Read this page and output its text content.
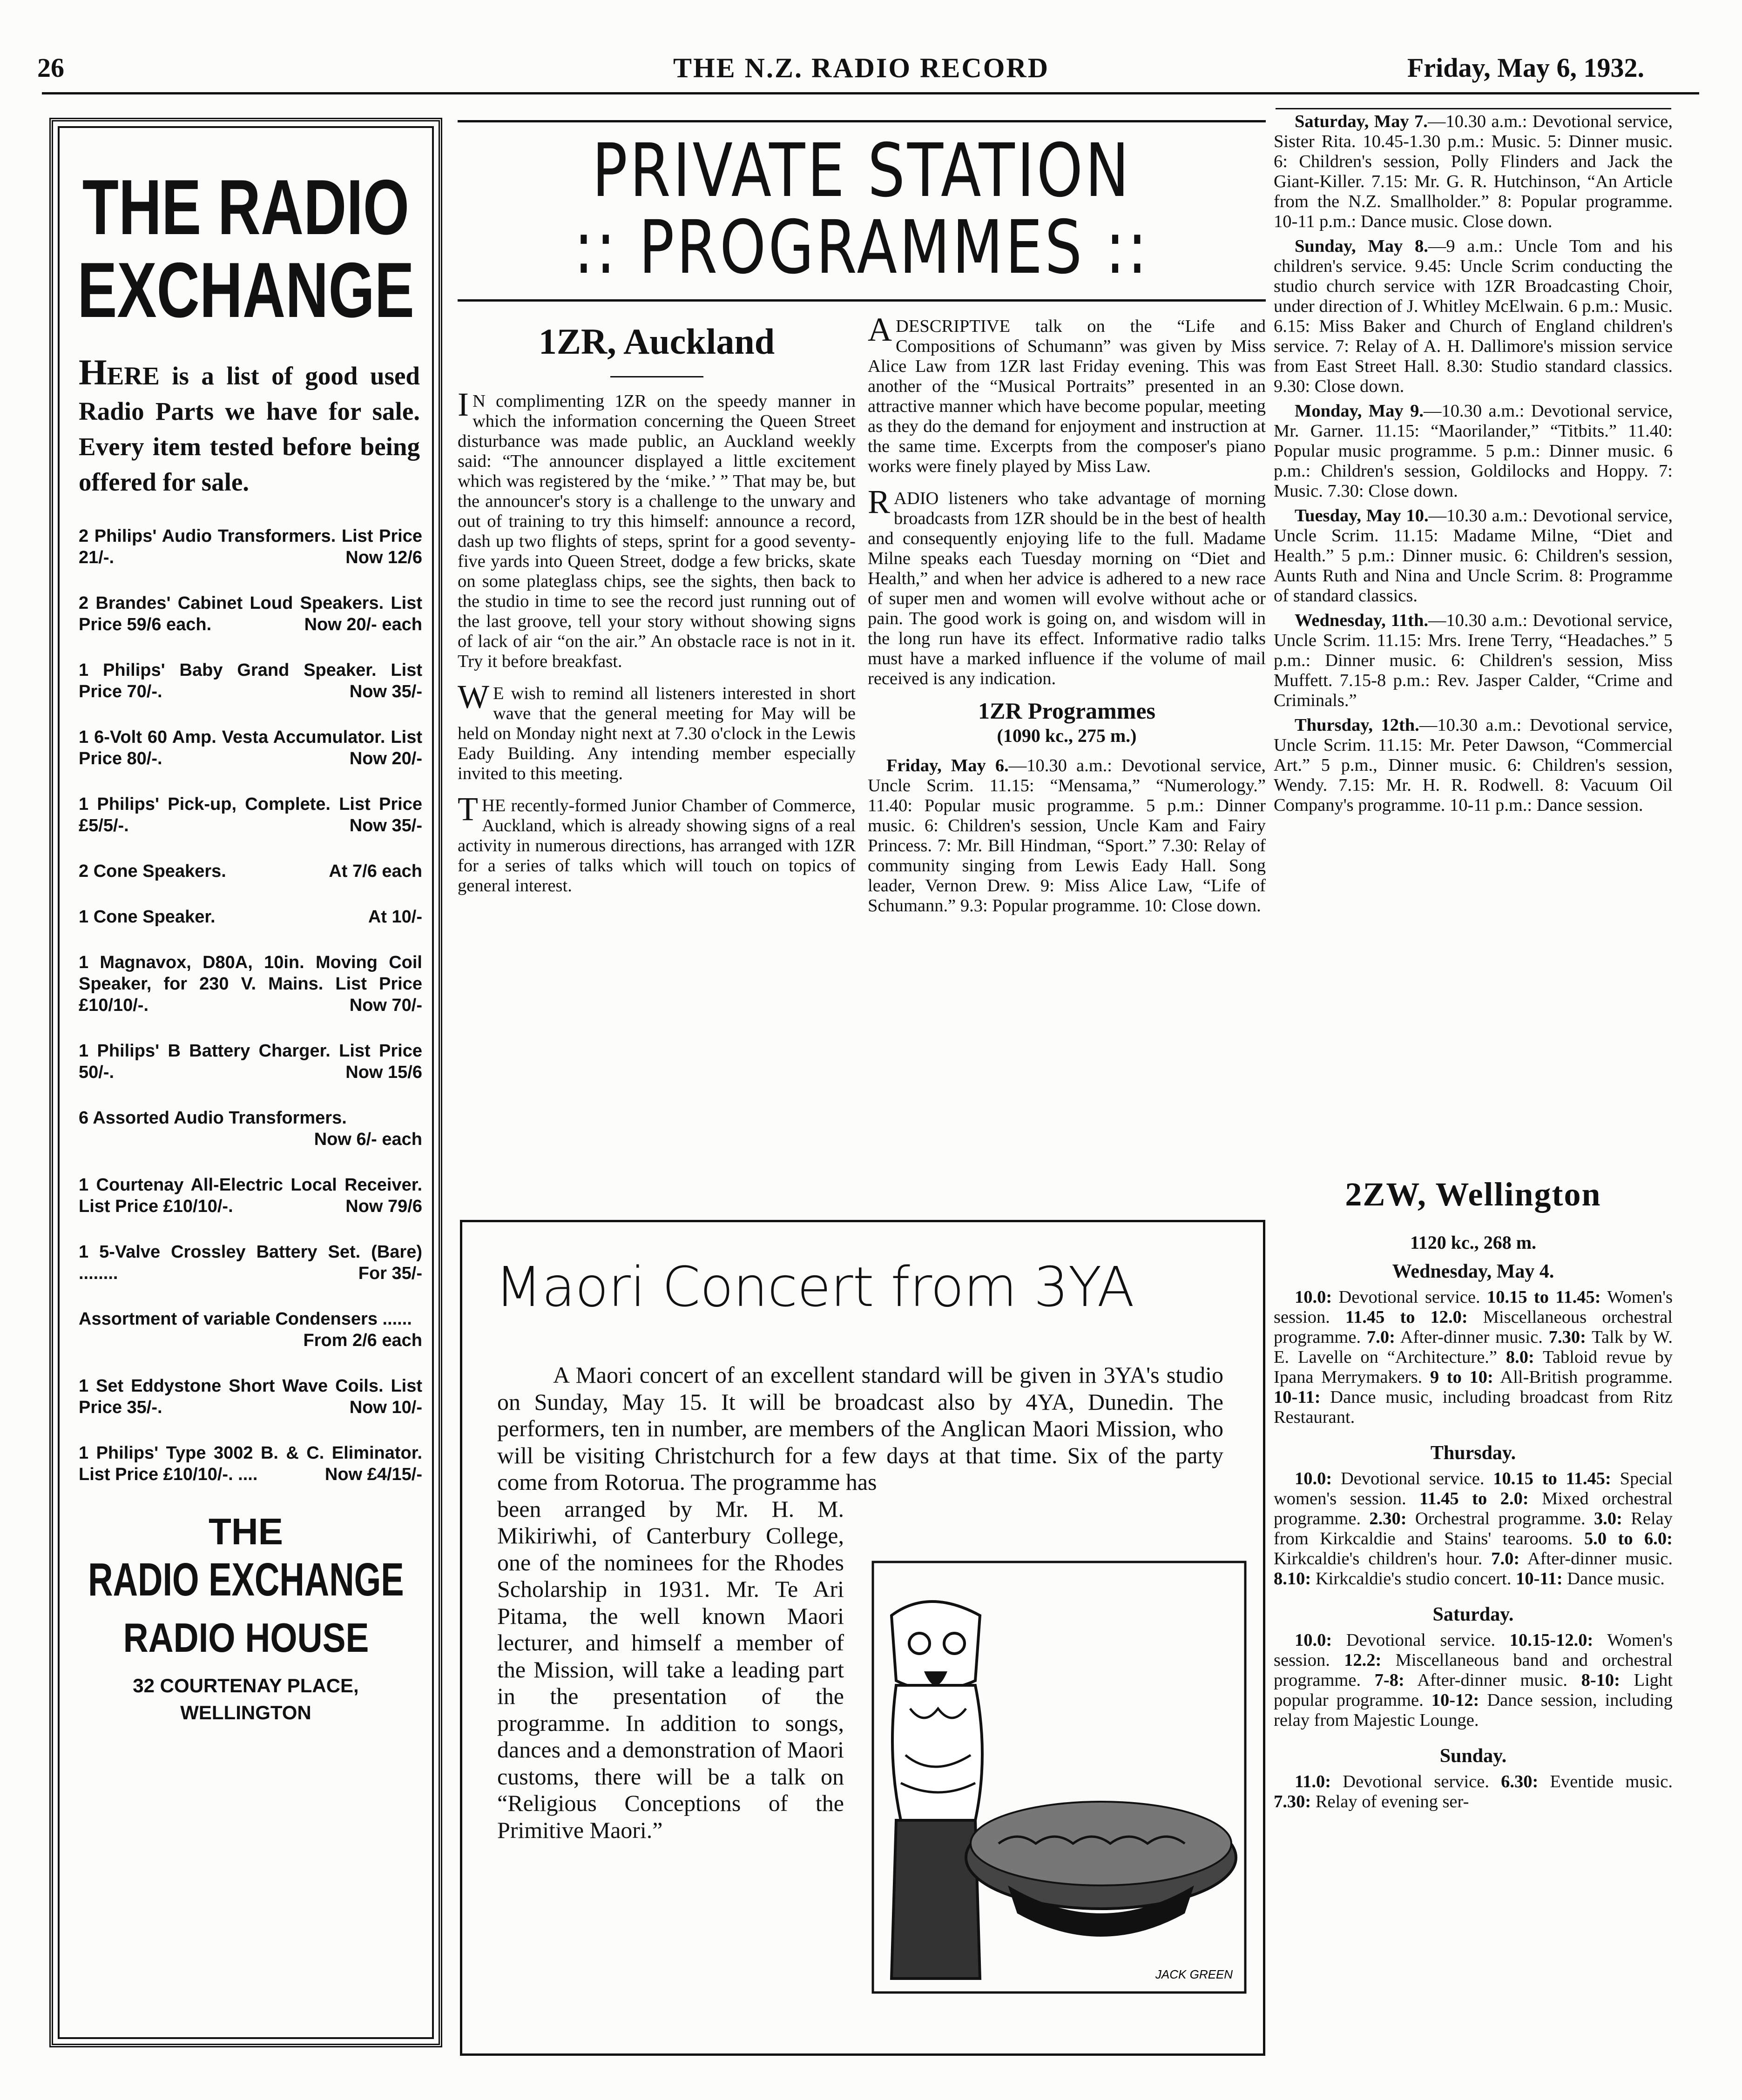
26	THE N.Z. RADIO RECORD	Friday, May 6, 1932.
THE RADIO
EXCHANGE
HERE is a list of good used Radio Parts we have for sale. Every item tested before being offered for sale.
2 Philips' Audio Transformers. List Price 21/-.	Now 12/6
2 Brandes' Cabinet Loud Speakers. List Price 59/6 each.	Now 20/- each
1 Philips' Baby Grand Speaker. List Price 70/-.	Now 35/-
1 6-Volt 60 Amp. Vesta Accumulator. List Price 80/-.	Now 20/-
1 Philips' Pick-up, Complete. List Price £5/5/-.	Now 35/-
2 Cone Speakers.	At 7/6 each
1 Cone Speaker.	At 10/-
1 Magnavox, D80A, 10in. Moving Coil Speaker, for 230 V. Mains. List Price £10/10/-.	Now 70/-
1 Philips' B Battery Charger. List Price 50/-.	Now 15/6
6 Assorted Audio Transformers.
Now 6/- each
1 Courtenay All-Electric Local Receiver. List Price £10/10/-.	Now 79/6
1 5-Valve Crossley Battery Set. (Bare) ........	For 35/-
Assortment of variable Condensers ......
From 2/6 each
1 Set Eddystone Short Wave Coils. List Price 35/-.	Now 10/-
1 Philips' Type 3002 B. & C. Eliminator. List Price £10/10/-. ....	Now £4/15/-
THE
RADIO EXCHANGE
RADIO HOUSE
32 COURTENAY PLACE,
WELLINGTON
PRIVATE STATION
:: PROGRAMMES ::
1ZR, Auckland

I N complimenting 1ZR on the speedy manner in which the information concerning the Queen Street disturbance was made public, an Auckland weekly said: “The announcer displayed a little excitement which was registered by the ‘mike.’ ” That may be, but the announcer's story is a challenge to the unwary and out of training to try this himself: announce a record, dash up two flights of steps, sprint for a good seventy-five yards into Queen Street, dodge a few bricks, skate on some plateglass chips, see the sights, then back to the studio in time to see the record just running out of the last groove, tell your story without showing signs of lack of air “on the air.” An obstacle race is not in it. Try it before breakfast.

W E wish to remind all listeners interested in short wave that the general meeting for May will be held on Monday night next at 7.30 o'clock in the Lewis Eady Building. Any intending member especially invited to this meeting.

THE recently-formed Junior Chamber of Commerce, Auckland, which is already showing signs of a real activity in numerous directions, has arranged with 1ZR for a series of talks which will touch on topics of general interest.

A DESCRIPTIVE talk on the “Life and Compositions of Schumann” was given by Miss Alice Law from 1ZR last Friday evening. This was another of the “Musical Portraits” presented in an attractive manner which have become popular, meeting as they do the demand for enjoyment and instruction at the same time. Excerpts from the composer's piano works were finely played by Miss Law.

RADIO listeners who take advantage of morning broadcasts from 1ZR should be in the best of health and consequently enjoying life to the full. Madame Milne speaks each Tuesday morning on “Diet and Health,” and when her advice is adhered to a new race of super men and women will evolve without ache or pain. The good work is going on, and wisdom will in the long run have its effect. Informative radio talks must have a marked influence if the volume of mail received is any indication.

1ZR Programmes
(1090 kc., 275 m.)

Friday, May 6.—10.30 a.m.: Devotional service, Uncle Scrim. 11.15: “Mensama,” “Numerology.” 11.40: Popular music programme. 5 p.m.: Dinner music. 6: Children's session, Uncle Kam and Fairy Princess. 7: Mr. Bill Hindman, “Sport.” 7.30: Relay of community singing from Lewis Eady Hall. Song leader, Vernon Drew. 9: Miss Alice Law, “Life of Schumann.” 9.3: Popular programme. 10: Close down.

Saturday, May 7.—10.30 a.m.: Devotional service, Sister Rita. 10.45-1.30 p.m.: Music. 5: Dinner music. 6: Children's session, Polly Flinders and Jack the Giant-Killer. 7.15: Mr. G. R. Hutchinson, “An Article from the N.Z. Smallholder.” 8: Popular programme. 10-11 p.m.: Dance music. Close down.

Sunday, May 8.—9 a.m.: Uncle Tom and his children's service. 9.45: Uncle Scrim conducting the studio church service with 1ZR Broadcasting Choir, under direction of J. Whitley McElwain. 6 p.m.: Music. 6.15: Miss Baker and Church of England children's service. 7: Relay of A. H. Dallimore's mission service from East Street Hall. 8.30: Studio standard classics. 9.30: Close down.

Monday, May 9.—10.30 a.m.: Devotional service, Mr. Garner. 11.15: “Maorilander,” “Titbits.” 11.40: Popular music programme. 5 p.m.: Dinner music. 6 p.m.: Children's session, Goldilocks and Hoppy. 7: Music. 7.30: Close down.

Tuesday, May 10.—10.30 a.m.: Devotional service, Uncle Scrim. 11.15: Madame Milne, “Diet and Health.” 5 p.m.: Dinner music. 6: Children's session, Aunts Ruth and Nina and Uncle Scrim. 8: Programme of standard classics.

Wednesday, 11th.—10.30 a.m.: Devotional service, Uncle Scrim. 11.15: Mrs. Irene Terry, “Headaches.” 5 p.m.: Dinner music. 6: Children's session, Miss Muffett. 7.15-8 p.m.: Rev. Jasper Calder, “Crime and Criminals.”

Thursday, 12th.—10.30 a.m.: Devotional service, Uncle Scrim. 11.15: Mr. Peter Dawson, “Commercial Art.” 5 p.m., Dinner music. 6: Children's session, Wendy. 7.15: Mr. H. R. Rodwell. 8: Vacuum Oil Company's programme. 10-11 p.m.: Dance session.

2ZW, Wellington
1120 kc., 268 m.
Wednesday, May 4.

10.0: Devotional service. 10.15 to 11.45: Women's session. 11.45 to 12.0: Miscellaneous orchestral programme. 7.0: After-dinner music. 7.30: Talk by W. E. Lavelle on “Architecture.” 8.0: Tabloid revue by Ipana Merrymakers. 9 to 10: All-British programme. 10-11: Dance music, including broadcast from Ritz Restaurant.

Thursday.

10.0: Devotional service. 10.15 to 11.45: Special women's session. 11.45 to 2.0: Mixed orchestral programme. 2.30: Orchestral programme. 3.0: Relay from Kirkcaldie and Stains' tearooms. 5.0 to 6.0: Kirkcaldie's children's hour. 7.0: After-dinner music. 8.10: Kirkcaldie's studio concert. 10-11: Dance music.

Saturday.

10.0: Devotional service. 10.15-12.0: Women's session. 12.2: Miscellaneous band and orchestral programme. 7-8: After-dinner music. 8-10: Light popular programme. 10-12: Dance session, including relay from Majestic Lounge.

Sunday.

11.0: Devotional service. 6.30: Eventide music. 7.30: Relay of evening ser-

Maori Concert from 3YA
A Maori concert of an excellent standard will be given in 3YA's studio on Sunday, May 15. It will be broadcast also by 4YA, Dunedin. The performers, ten in number, are members of the Anglican Maori Mission, who will be visiting Christchurch for a few days at that time. Six of the party come from Rotorua. The programme has
been arranged by Mr. H. M. Mikiriwhi, of Canterbury College, one of the nominees for the Rhodes Scholarship in 1931. Mr. Te Ari Pitama, the well known Maori lecturer, and himself a member of the Mission, will take a leading part in the presentation of the programme. In addition to songs, dances and a demonstration of Maori customs, there will be a talk on “Religious Conceptions of the Primitive Maori.”
JACK GREEN
